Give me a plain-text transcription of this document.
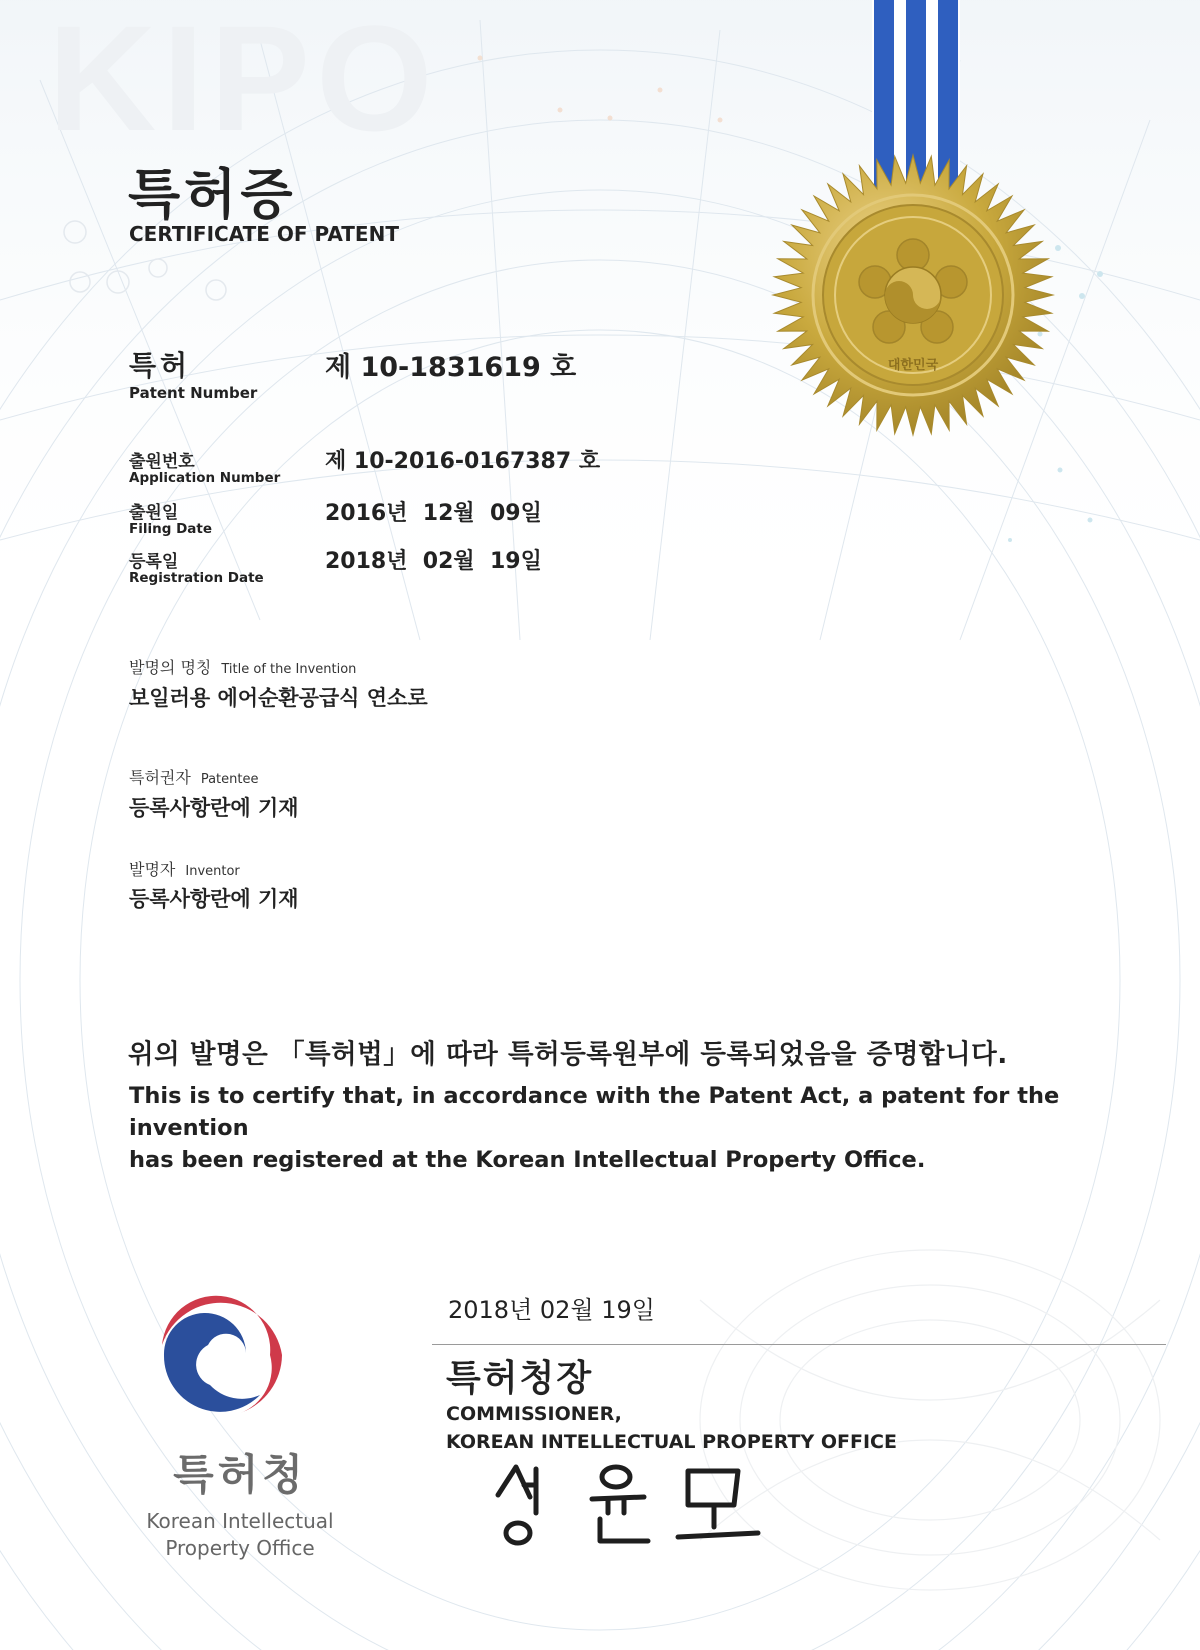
KIPO
대한민국
특허증
CERTIFICATE OF PATENT
특허
Patent Number
제 10-1831619 호
출원번호
Application Number
제 10-2016-0167387 호
출원일
Filing Date
2016년  12월  09일
등록일
Registration Date
2018년  02월  19일
발명의 명칭 Title of the Invention
보일러용 에어순환공급식 연소로
특허권자 Patentee
등록사항란에 기재
발명자 Inventor
등록사항란에 기재
위의 발명은 「특허법」에 따라 특허등록원부에 등록되었음을 증명합니다.
This is to certify that, in accordance with the Patent Act, a patent for the invention
has been registered at the Korean Intellectual Property Office.
특허청
Korean Intellectual
Property Office
2018년 02월 19일
특허청장
COMMISSIONER,
KOREAN INTELLECTUAL PROPERTY OFFICE
